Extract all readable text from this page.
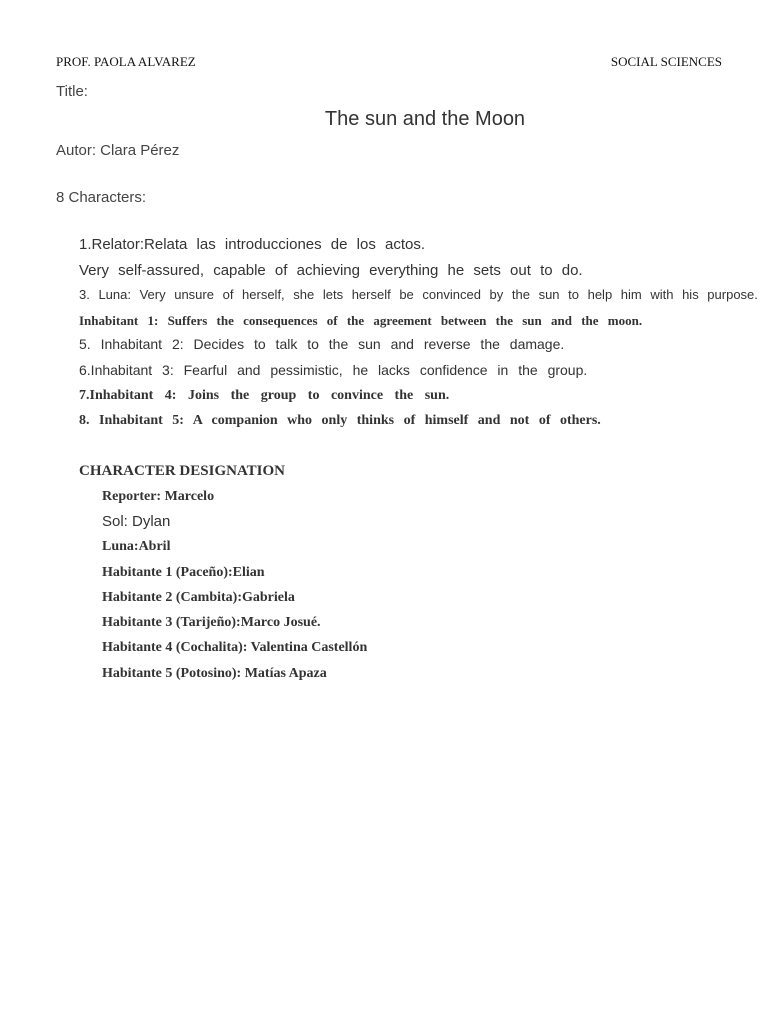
PROF. PAOLA ALVAREZ	SOCIAL SCIENCES
Title:
The sun and the Moon
Autor: Clara Pérez
8 Characters:
1.Relator:Relata las introducciones de los actos.
Very self-assured, capable of achieving everything he sets out to do.
3. Luna: Very unsure of herself, she lets herself be convinced by the sun to help him with his purpose.
Inhabitant 1: Suffers the consequences of the agreement between the sun and the moon.
5. Inhabitant 2: Decides to talk to the sun and reverse the damage.
6.Inhabitant 3: Fearful and pessimistic, he lacks confidence in the group.
7.Inhabitant 4: Joins the group to convince the sun.
8. Inhabitant 5: A companion who only thinks of himself and not of others.
CHARACTER DESIGNATION
Reporter: Marcelo
Sol: Dylan
Luna:Abril
Habitante 1 (Paceño):Elian
Habitante 2 (Cambita):Gabriela
Habitante 3 (Tarijeño):Marco Josué.
Habitante 4 (Cochalita): Valentina Castellón
Habitante 5 (Potosino): Matías Apaza
